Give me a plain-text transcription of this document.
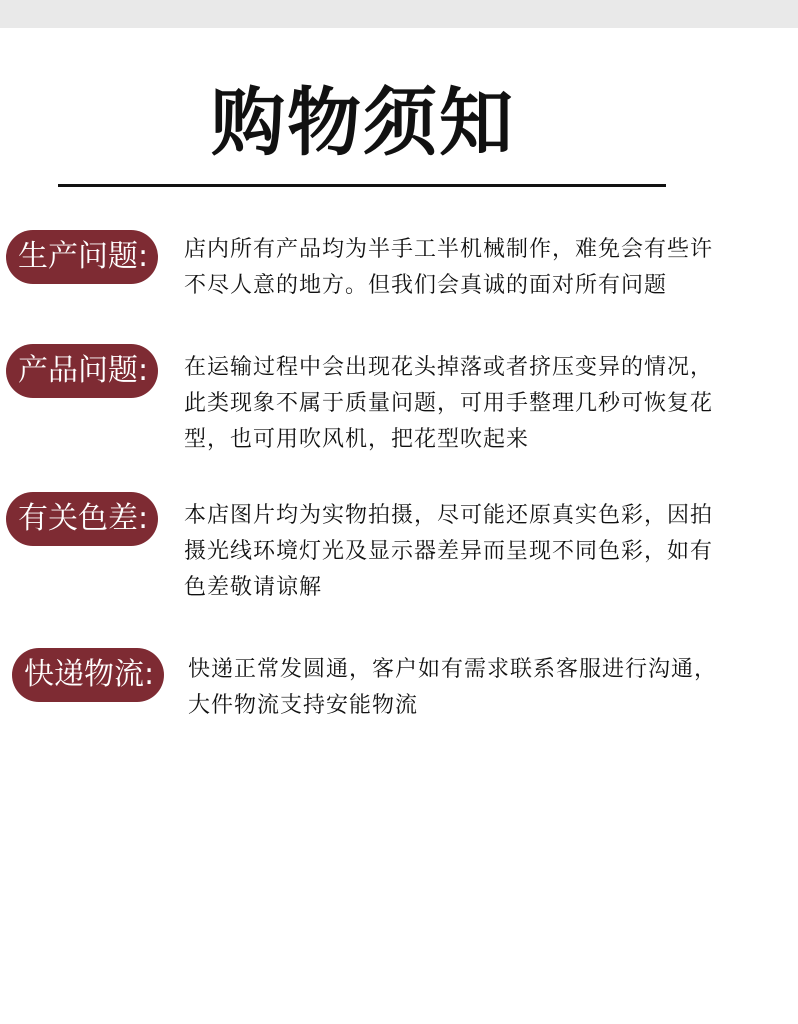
购物须知
生产问题:	店内所有产品均为半手工半机械制作，难免会有些许
不尽人意的地方。但我们会真诚的面对所有问题
产品问题:	在运输过程中会出现花头掉落或者挤压变异的情况，
此类现象不属于质量问题，可用手整理几秒可恢复花
型，也可用吹风机，把花型吹起来
有关色差:	本店图片均为实物拍摄，尽可能还原真实色彩，因拍
摄光线环境灯光及显示器差异而呈现不同色彩，如有
色差敬请谅解
快递物流:	快递正常发圆通，客户如有需求联系客服进行沟通，
大件物流支持安能物流
